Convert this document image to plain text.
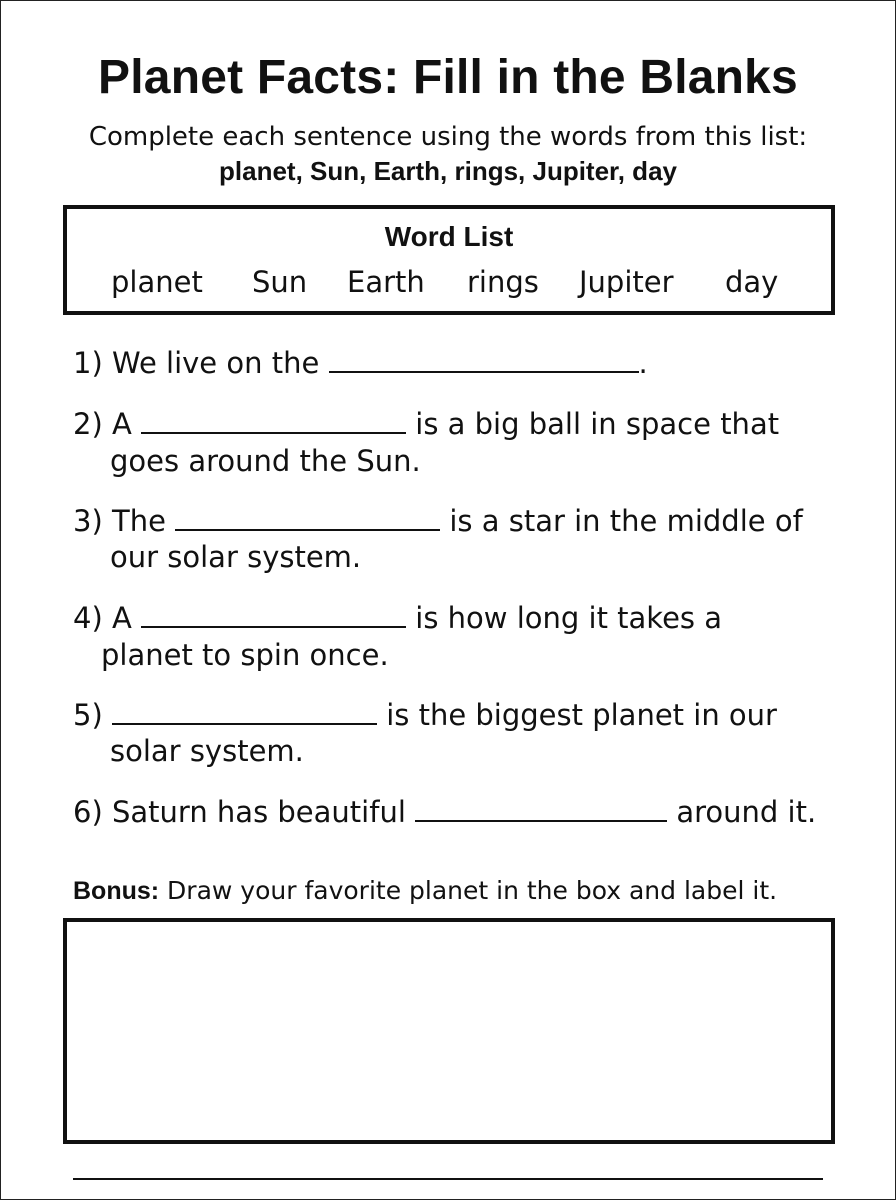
Planet Facts: Fill in the Blanks
Complete each sentence using the words from this list:
planet, Sun, Earth, rings, Jupiter, day
Word List
planet Sun Earth rings Jupiter day
1) We live on the	.
2) A	is a big ball in space that
goes around the Sun.
3) The	is a star in the middle of
our solar system.
4) A	is how long it takes a
planet to spin once.
5)	is the biggest planet in our
solar system.
6) Saturn has beautiful	around it.
Bonus: Draw your favorite planet in the box and label it.
